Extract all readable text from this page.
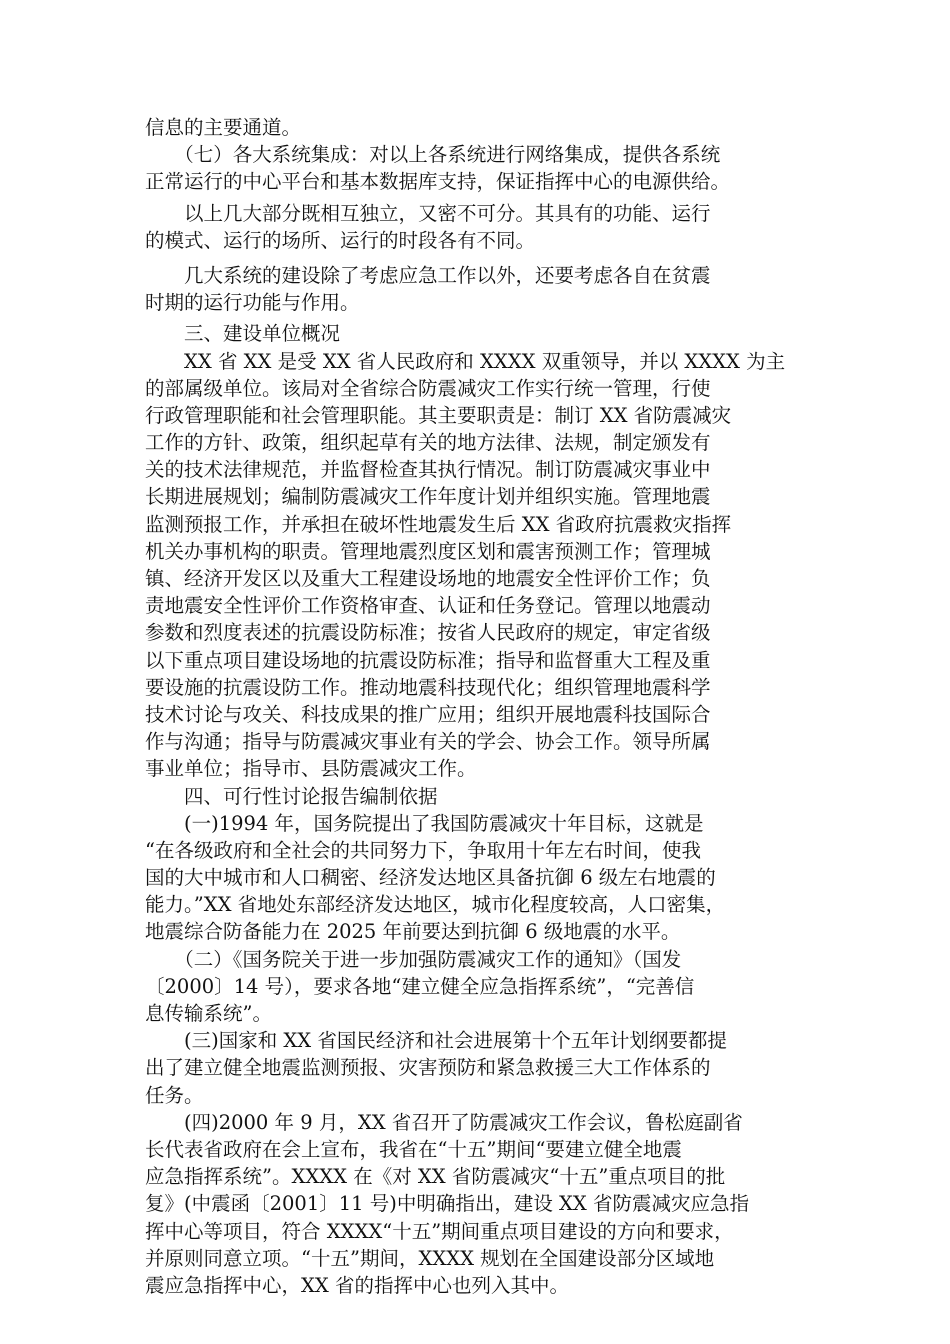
信息的主要通道。
　　（七）各大系统集成：对以上各系统进行网络集成，提供各系统
正常运行的中心平台和基本数据库支持，保证指挥中心的电源供给。
　　以上几大部分既相互独立，又密不可分。其具有的功能、运行
的模式、运行的场所、运行的时段各有不同。
　　几大系统的建设除了考虑应急工作以外，还要考虑各自在贫震
时期的运行功能与作用。
　　三、建设单位概况
　　XX 省 XX 是受 XX 省人民政府和 XXXX 双重领导，并以 XXXX 为主
的部属级单位。该局对全省综合防震减灾工作实行统一管理，行使
行政管理职能和社会管理职能。其主要职责是：制订 XX 省防震减灾
工作的方针、政策，组织起草有关的地方法律、法规，制定颁发有
关的技术法律规范，并监督检查其执行情况。制订防震减灾事业中
长期进展规划；编制防震减灾工作年度计划并组织实施。管理地震
监测预报工作，并承担在破坏性地震发生后 XX 省政府抗震救灾指挥
机关办事机构的职责。管理地震烈度区划和震害预测工作；管理城
镇、经济开发区以及重大工程建设场地的地震安全性评价工作；负
责地震安全性评价工作资格审查、认证和任务登记。管理以地震动
参数和烈度表述的抗震设防标准；按省人民政府的规定，审定省级
以下重点项目建设场地的抗震设防标准；指导和监督重大工程及重
要设施的抗震设防工作。推动地震科技现代化；组织管理地震科学
技术讨论与攻关、科技成果的推广应用；组织开展地震科技国际合
作与沟通；指导与防震减灾事业有关的学会、协会工作。领导所属
事业单位；指导市、县防震减灾工作。
　　四、可行性讨论报告编制依据
　　(一)1994 年，国务院提出了我国防震减灾十年目标，这就是
“在各级政府和全社会的共同努力下，争取用十年左右时间，使我
国的大中城市和人口稠密、经济发达地区具备抗御 6 级左右地震的
能力。”XX 省地处东部经济发达地区，城市化程度较高，人口密集，
地震综合防备能力在 2025 年前要达到抗御 6 级地震的水平。
　　（二）《国务院关于进一步加强防震减灾工作的通知》（国发
〔2000〕14 号），要求各地“建立健全应急指挥系统”，“完善信
息传输系统”。
　　(三)国家和 XX 省国民经济和社会进展第十个五年计划纲要都提
出了建立健全地震监测预报、灾害预防和紧急救援三大工作体系的
任务。
　　(四)2000 年 9 月，XX 省召开了防震减灾工作会议，鲁松庭副省
长代表省政府在会上宣布，我省在“十五”期间“要建立健全地震
应急指挥系统”。XXXX 在《对 XX 省防震减灾“十五”重点项目的批
复》(中震函〔2001〕11 号)中明确指出，建设 XX 省防震减灾应急指
挥中心等项目，符合 XXXX“十五”期间重点项目建设的方向和要求，
并原则同意立项。“十五”期间，XXXX 规划在全国建设部分区域地
震应急指挥中心，XX 省的指挥中心也列入其中。
